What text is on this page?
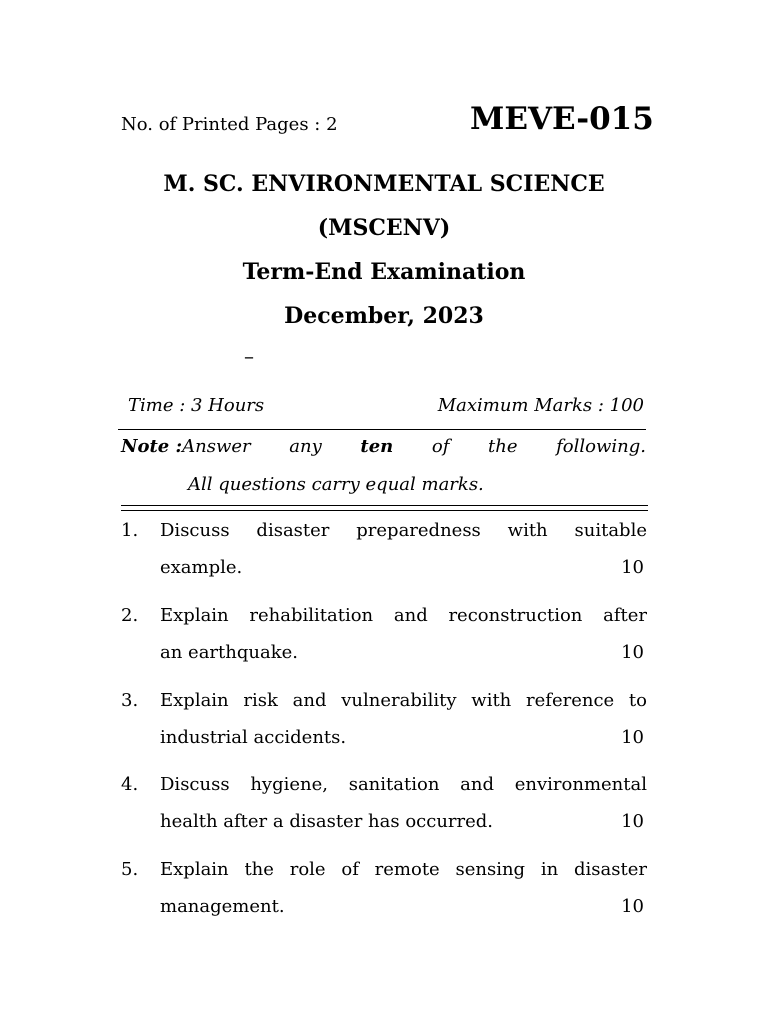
No. of Printed Pages : 2	MEVE-015
M. SC. ENVIRONMENTAL SCIENCE
(MSCENV)
Term-End Examination
December, 2023
–
Time : 3 Hours	Maximum Marks : 100
Note :Answer any ten of the following.
All questions carry equal marks.
1. Discuss disaster preparedness with suitable
example.	10
2. Explain rehabilitation and reconstruction after
an earthquake.	10
3. Explain risk and vulnerability with reference to
industrial accidents.	10
4. Discuss hygiene, sanitation and environmental
health after a disaster has occurred.	10
5. Explain the role of remote sensing in disaster
management.	10
